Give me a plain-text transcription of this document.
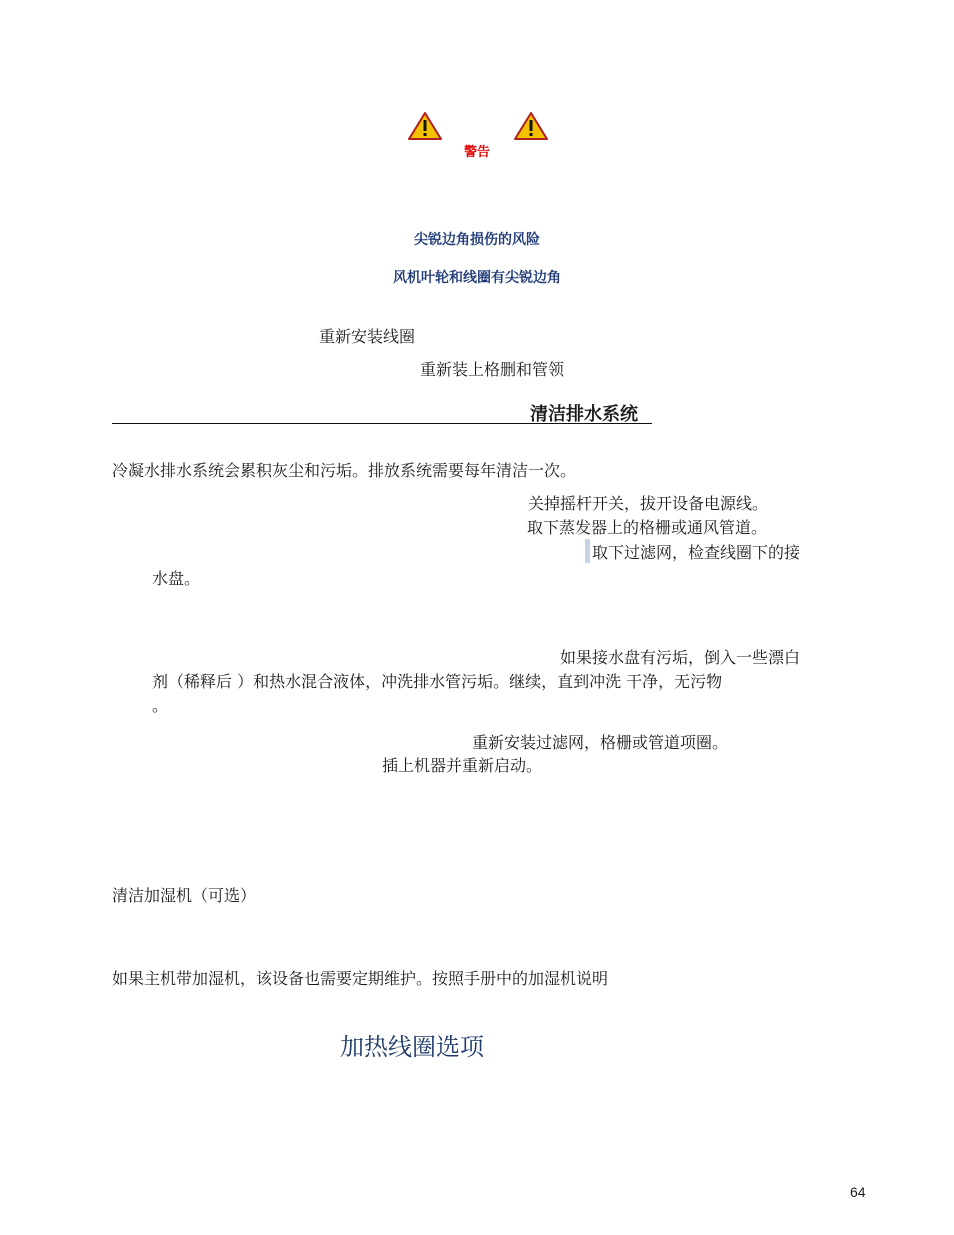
警告
尖锐边角损伤的风险
风机叶轮和线圈有尖锐边角
重新安装线圈
重新装上格删和管领
清洁排水系统
冷凝水排水系统会累积灰尘和污垢。排放系统需要每年清洁一次。
关掉摇杆开关，拔开设备电源线。
取下蒸发器上的格栅或通风管道。
取下过滤网，检查线圈下的接
水盘。
如果接水盘有污垢，倒入一些漂白
剂（稀释后 ）和热水混合液体，冲洗排水管污垢。继续，直到冲洗 干净，无污物
。
重新安装过滤网，格栅或管道项圈。
插上机器并重新启动。
清洁加湿机（可选）
如果主机带加湿机，该设备也需要定期维护。按照手册中的加湿机说明
加热线圈选项
64
